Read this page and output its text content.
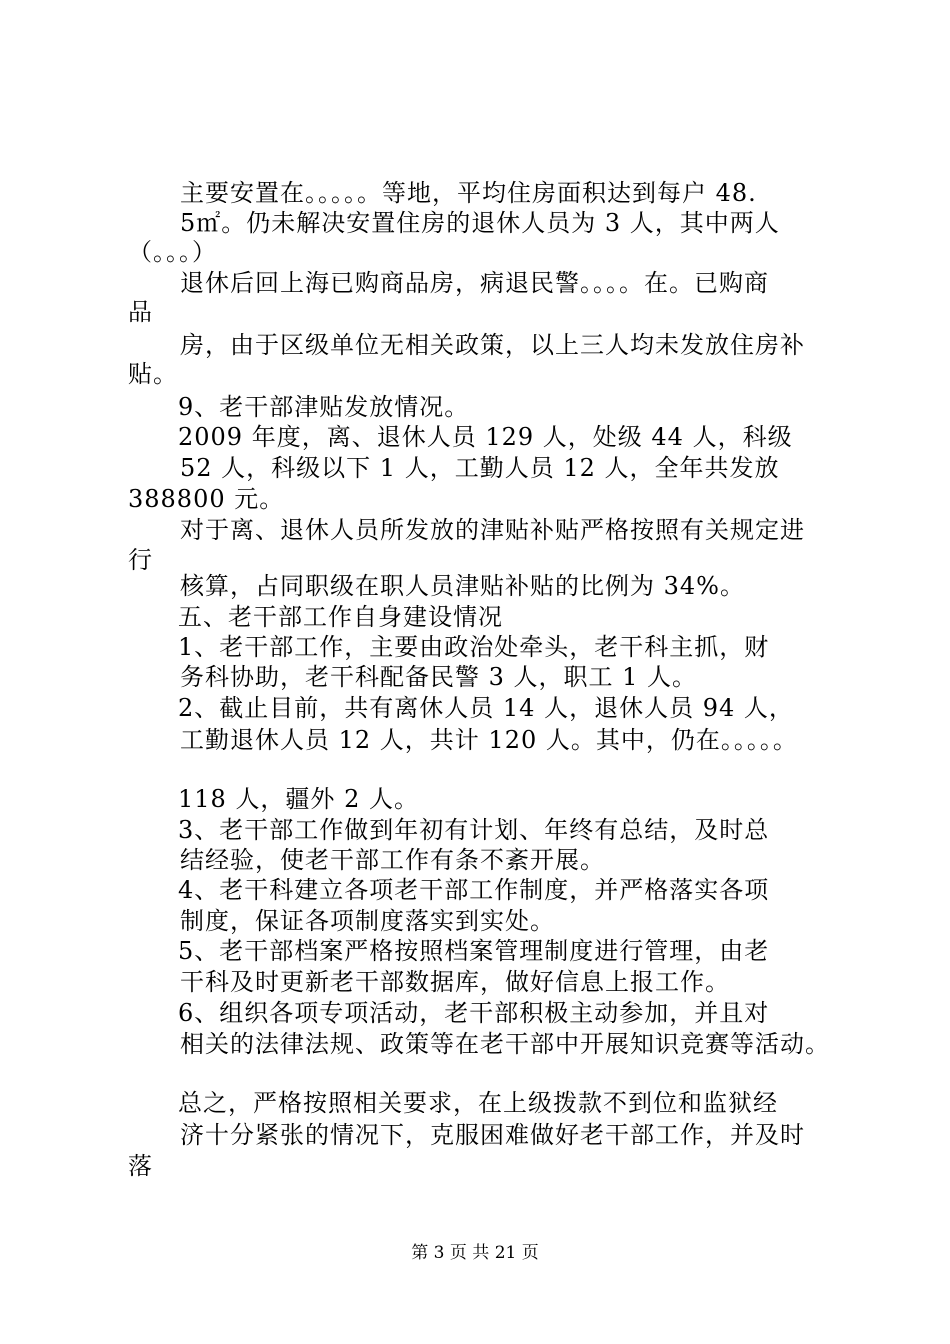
主要安置在。。。。。等地，平均住房面积达到每户 48.
5㎡。仍未解决安置住房的退休人员为 3 人，其中两人
（。。。）
退休后回上海已购商品房，病退民警。。。。在。已购商
品
房，由于区级单位无相关政策，以上三人均未发放住房补
贴。
9、老干部津贴发放情况。
2009 年度，离、退休人员 129 人，处级 44 人，科级
52 人，科级以下 1 人，工勤人员 12 人，全年共发放
388800 元。
对于离、退休人员所发放的津贴补贴严格按照有关规定进
行
核算，占同职级在职人员津贴补贴的比例为 34%。
五、老干部工作自身建设情况
1、老干部工作，主要由政治处牵头，老干科主抓，财
务科协助，老干科配备民警 3 人，职工 1 人。
2、截止目前，共有离休人员 14 人，退休人员 94 人，
工勤退休人员 12 人，共计 120 人。其中，仍在。。。。。
118 人，疆外 2 人。
3、老干部工作做到年初有计划、年终有总结，及时总
结经验，使老干部工作有条不紊开展。
4、老干科建立各项老干部工作制度，并严格落实各项
制度，保证各项制度落实到实处。
5、老干部档案严格按照档案管理制度进行管理，由老
干科及时更新老干部数据库，做好信息上报工作。
6、组织各项专项活动，老干部积极主动参加，并且对
相关的法律法规、政策等在老干部中开展知识竞赛等活动。
总之，严格按照相关要求，在上级拨款不到位和监狱经
济十分紧张的情况下，克服困难做好老干部工作，并及时
落
第 3 页 共 21 页
